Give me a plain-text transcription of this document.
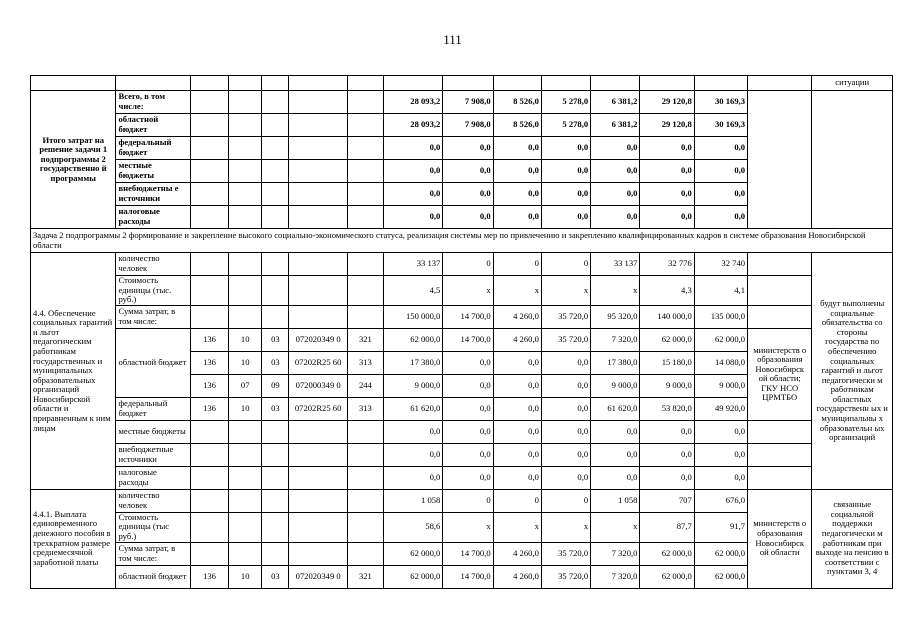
111
															ситуации
Итого затрат на решение задачи 1 подпрограммы 2 государственно й программы	Всего, в том числе:						28 093,2	7 908,0	8 526,0	5 278,0	6 381,2	29 120,8	30 169,3		
	областной бюджет						28 093,2	7 908,0	8 526,0	5 278,0	6 381,2	29 120,8	30 169,3		
	федеральный бюджет						0,0	0,0	0,0	0,0	0,0	0,0	0,0		
	местные бюджеты						0,0	0,0	0,0	0,0	0,0	0,0	0,0		
	внебюджетны е источники						0,0	0,0	0,0	0,0	0,0	0,0	0,0		
	налоговые расходы						0,0	0,0	0,0	0,0	0,0	0,0	0,0		
Задача 2 подпрограммы 2 формирование и закрепление высокого социально-экономического статуса, реализация системы мер по привлечению и закреплению квалифицированных кадров в системе образования Новосибирской области															
4.4. Обеспечение социальных гарантий и льгот педагогическим работникам государственных и муниципальных образовательных организаций Новосибирской области и приравненным к ним лицам	количество человек						33 137	0	0	0	33 137	32 776	32 740		будут выполнены социальные обязательства со стороны государства по обеспечению социальных гарантий и льгот педагогически м работникам областных государственн ых и муниципальны х образовательн ых организаций
	Стоимость единицы (тыс. руб.)						4,5	х	х	х	х	4,3	4,1		
	Сумма затрат, в том числе:						150 000,0	14 700,0	4 260,0	35 720,0	95 320,0	140 000,0	135 000,0		
	областной бюджет	136	10	03	072020349 0	321	62 000,0	14 700,0	4 260,0	35 720,0	7 320,0	62 000,0	62 000,0	министерств о образования Новосибирск ой области; ГКУ НСО ЦРМТБО	
		136	10	03	07202R25 60	313	17 380,0	0,0	0,0	0,0	17 380,0	15 180,0	14 080,0		
		136	07	09	072000349 0	244	9 000,0	0,0	0,0	0,0	9 000,0	9 000,0	9 000,0		
	федеральный бюджет	136	10	03	07202R25 60	313	61 620,0	0,0	0,0	0,0	61 620,0	53 820,0	49 920,0		
	местные бюджеты						0,0	0,0	0,0	0,0	0,0	0,0	0,0		
	внебюджетные источники						0,0	0,0	0,0	0,0	0,0	0,0	0,0		
	налоговые расходы						0,0	0,0	0,0	0,0	0,0	0,0	0,0		
4.4.1. Выплата единовременного денежного пособия в трехкратном размере среднемесячной заработной платы	количество человек						1 058	0	0	0	1 058	707	676,0	министерств о образования Новосибирск ой области	связанные социальной поддержки педагогически м работникам при выходе на пенсию в соответствии с пунктами 3, 4
	Стоимость единицы (тыс руб.)						58,6	х	х	х	х	87,7	91,7		
	Сумма затрат, в том числе:						62 000,0	14 700,0	4 260,0	35 720,0	7 320,0	62 000,0	62 000,0		
	областной бюджет	136	10	03	072020349 0	321	62 000,0	14 700,0	4 260,0	35 720,0	7 320,0	62 000,0	62 000,0		
